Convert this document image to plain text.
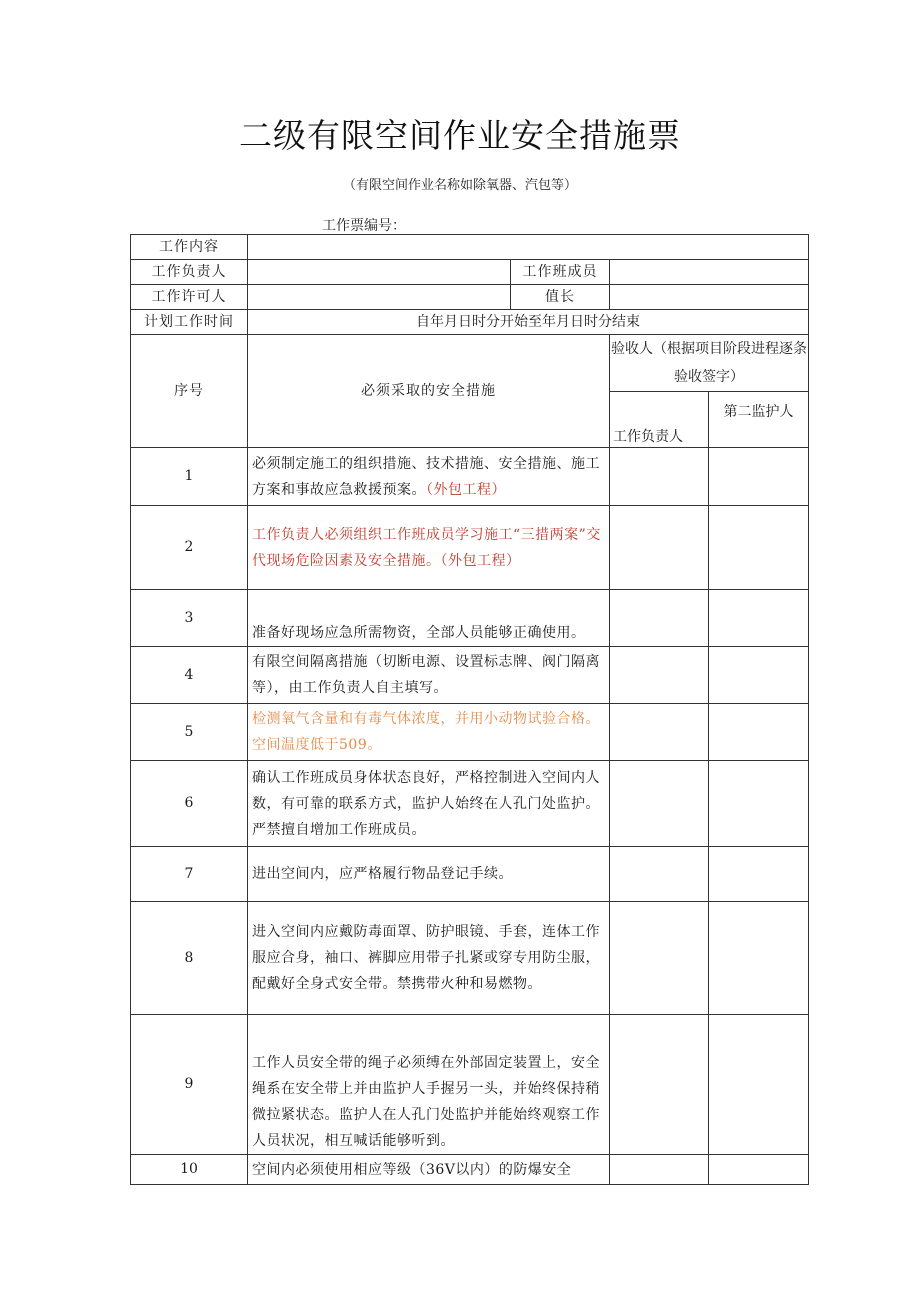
二级有限空间作业安全措施票
（有限空间作业名称如除氧器、汽包等）
工作票编号：
工作内容				
工作负责人		工作班成员		
工作许可人		值长		
计划工作时间	自年月日时分开始至年月日时分结束			
序号	必须采取的安全措施		验收人（根据项目阶段进程逐条验收签字）	
			工作负责人	第二监护人
1	必须制定施工的组织措施、技术措施、安全措施、施工方案和事故应急救援预案。（外包工程）			
2	工作负责人必须组织工作班成员学习施工“三措两案”交代现场危险因素及安全措施。（外包工程）			
3	准备好现场应急所需物资，全部人员能够正确使用。			
4	有限空间隔离措施（切断电源、设置标志牌、阀门隔离等），由工作负责人自主填写。			
5	检测氧气含量和有毒气体浓度，并用小动物试验合格。空间温度低于509。			
6	确认工作班成员身体状态良好，严格控制进入空间内人数，有可靠的联系方式，监护人始终在人孔门处监护。严禁擅自增加工作班成员。			
7	进出空间内，应严格履行物品登记手续。			
8	进入空间内应戴防毒面罩、防护眼镜、手套，连体工作服应合身，袖口、裤脚应用带子扎紧或穿专用防尘服，配戴好全身式安全带。禁携带火种和易燃物。			
9	工作人员安全带的绳子必须缚在外部固定装置上，安全绳系在安全带上并由监护人手握另一头，并始终保持稍微拉紧状态。监护人在人孔门处监护并能始终观察工作人员状况，相互喊话能够听到。			
10	空间内必须使用相应等级（36V以内）的防爆安全			
